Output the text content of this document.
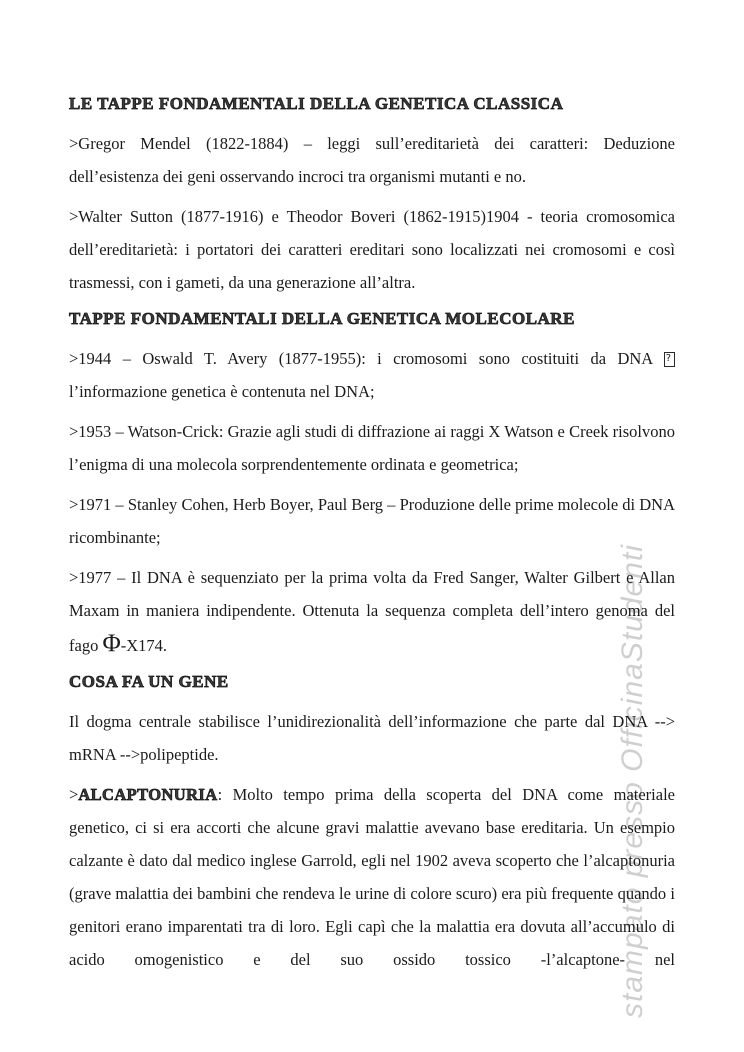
stampato presso OfficinaStudenti
LE TAPPE FONDAMENTALI DELLA GENETICA CLASSICA

>Gregor Mendel (1822-1884) – leggi sull’ereditarietà dei caratteri: Deduzione dell’esistenza dei geni osservando incroci tra organismi mutanti e no.

>Walter Sutton (1877-1916) e Theodor Boveri (1862-1915)1904 - teoria cromosomica dell’ereditarietà: i portatori dei caratteri ereditari sono localizzati nei cromosomi e così trasmessi, con i gameti, da una generazione all’altra.

TAPPE FONDAMENTALI DELLA GENETICA MOLECOLARE

>1944 – Oswald T. Avery (1877-1955): i cromosomi sono costituiti da DNA ? l’informazione genetica è contenuta nel DNA;

>1953 – Watson-Crick: Grazie agli studi di diffrazione ai raggi X Watson e Creek risolvono l’enigma di una molecola sorprendentemente ordinata e geometrica;

>1971 – Stanley Cohen, Herb Boyer, Paul Berg – Produzione delle prime molecole di DNA ricombinante;

>1977 – Il DNA è sequenziato per la prima volta da Fred Sanger, Walter Gilbert e Allan Maxam in maniera indipendente. Ottenuta la sequenza completa dell’intero genoma del fago Φ-X174.

COSA FA UN GENE

Il dogma centrale stabilisce l’unidirezionalità dell’informazione che parte dal DNA --> mRNA -->polipeptide.

>ALCAPTONURIA: Molto tempo prima della scoperta del DNA come materiale genetico, ci si era accorti che alcune gravi malattie avevano base ereditaria. Un esempio calzante è dato dal medico inglese Garrold, egli nel 1902 aveva scoperto che l’alcaptonuria (grave malattia dei bambini che rendeva le urine di colore scuro) era più frequente quando i genitori erano imparentati tra di loro. Egli capì che la malattia era dovuta all’accumulo di acido omogenistico e del suo ossido tossico -l’alcaptone- nel
